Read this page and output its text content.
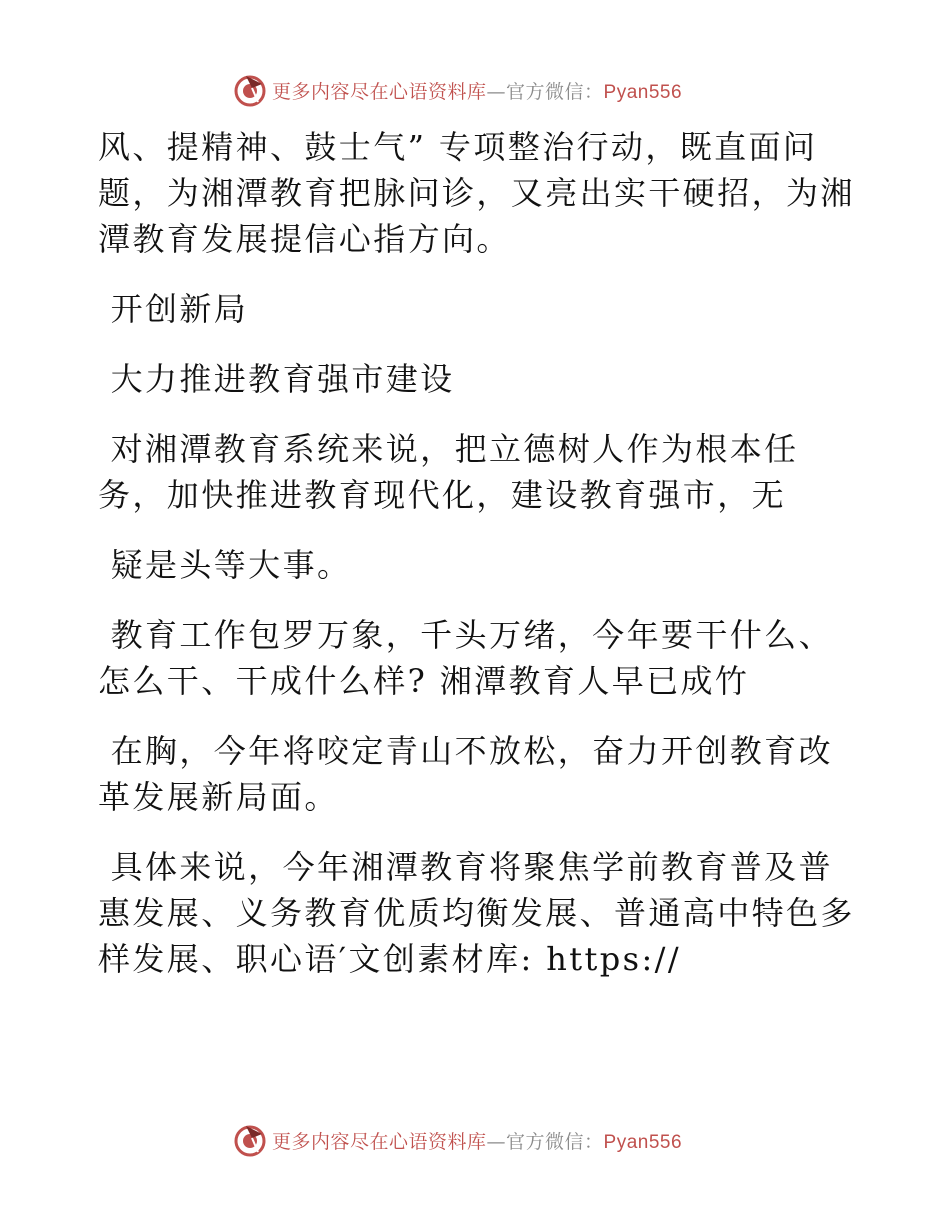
更多内容尽在心语资料库—官方微信：Pyan556

风、提精神、鼓士气” 专项整治行动，既直面问

题，为湘潭教育把脉问诊，又亮出实干硬招，为湘

潭教育发展提信心指方向。

开创新局

大力推进教育强市建设

对湘潭教育系统来说，把立德树人作为根本任

务，加快推进教育现代化，建设教育强市，无

疑是头等大事。

教育工作包罗万象，千头万绪，今年要干什么、

怎么干、干成什么样? 湘潭教育人早已成竹

在胸，今年将咬定青山不放松，奋力开创教育改

革发展新局面。

具体来说，今年湘潭教育将聚焦学前教育普及普

惠发展、义务教育优质均衡发展、普通高中特色多

样发展、职心语′文创素材库: https://

更多内容尽在心语资料库—官方微信：Pyan556
